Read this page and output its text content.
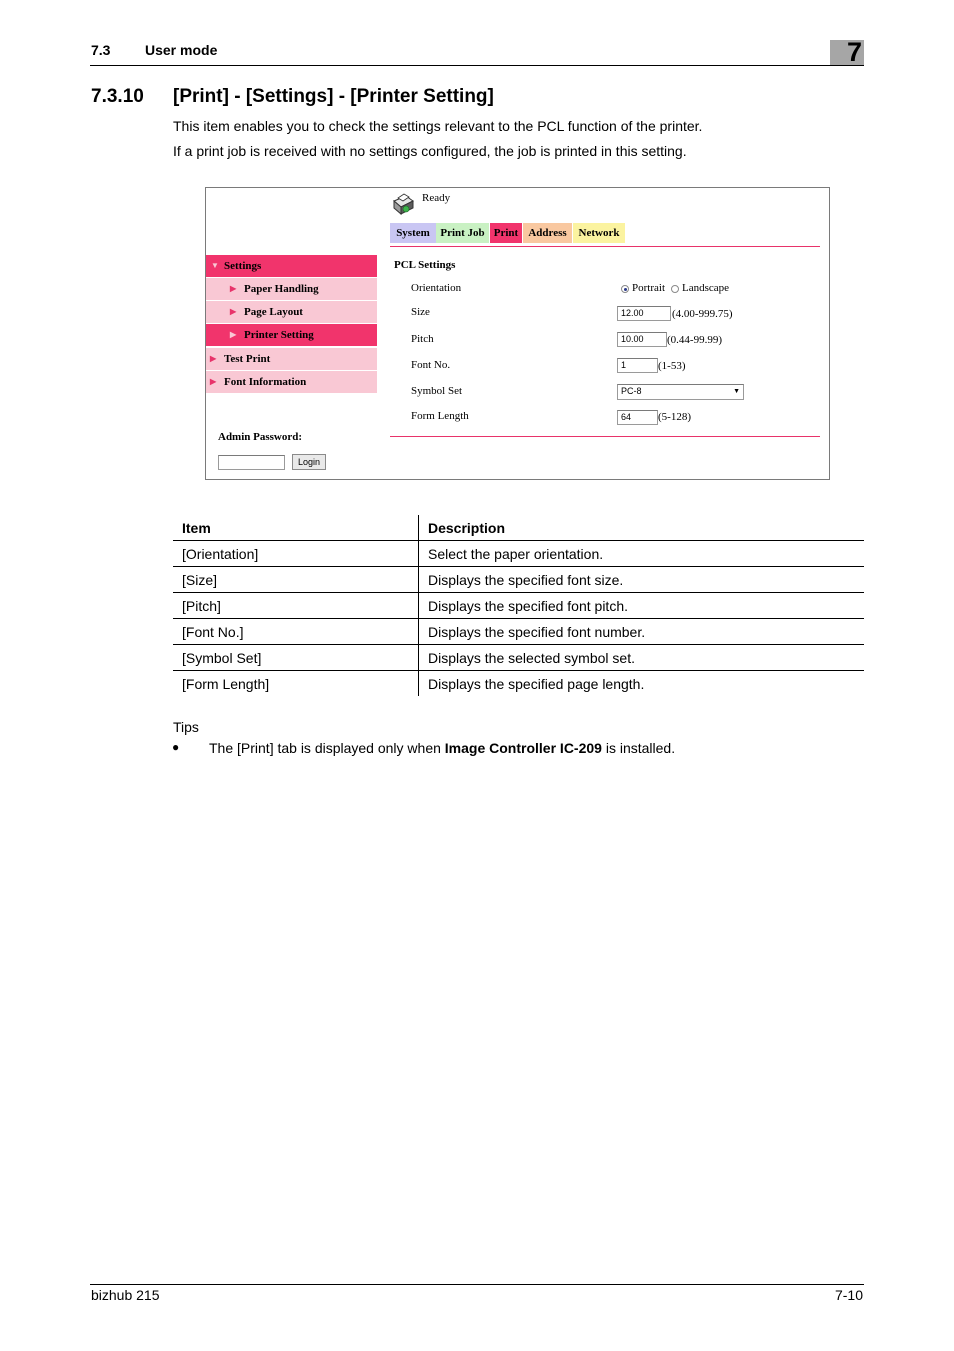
7.3 User mode	7
7.3.10 [Print] - [Settings] - [Printer Setting]
This item enables you to check the settings relevant to the PCL function of the printer.
If a print job is received with no settings configured, the job is printed in this setting.
Ready
System Print Job Print Address	Network
▼ Settings
▶ Paper Handling
▶ Page Layout
▶ Printer Setting
▶ Test Print
▶ Font Information
Admin Password:
Login
PCL Settings
Orientation	Portrait Landscape
Size	12.00	(4.00-999.75)
Pitch	10.00	(0.44-99.99)
Font No.	1	(1-53)
Symbol Set	PC-8	▼
Form Length	64	(5-128)
Item	Description
[Orientation]	Select the paper orientation.
[Size]	Displays the specified font size.
[Pitch]	Displays the specified font pitch.
[Font No.]	Displays the specified font number.
[Symbol Set]	Displays the selected symbol set.
[Form Length]	Displays the specified page length.
Tips
● The [Print] tab is displayed only when Image Controller IC-209 is installed.
bizhub 215	7-10
